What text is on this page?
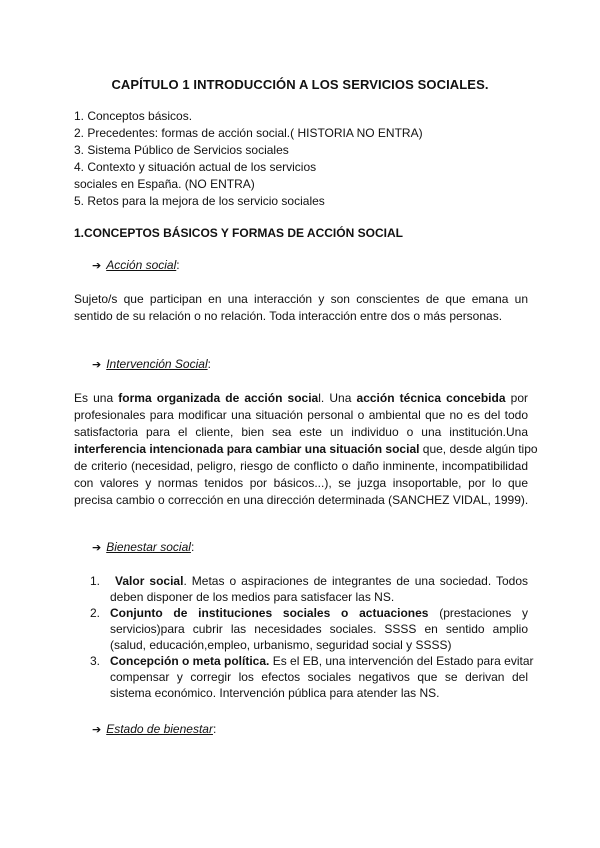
CAPÍTULO 1 INTRODUCCIÓN A LOS SERVICIOS SOCIALES.
1. Conceptos básicos.
2. Precedentes: formas de acción social.( HISTORIA NO ENTRA)
3. Sistema Público de Servicios sociales
4. Contexto y situación actual de los servicios
sociales en España. (NO ENTRA)
5. Retos para la mejora de los servicio sociales
1.CONCEPTOS BÁSICOS Y FORMAS DE ACCIÓN SOCIAL
➔ Acción social:
Sujeto/s que participan en una interacción y son conscientes de que emana un
sentido de su relación o no relación. Toda interacción entre dos o más personas.
➔ Intervención Social:
Es una forma organizada de acción social. Una acción técnica concebida por
profesionales para modificar una situación personal o ambiental que no es del todo
satisfactoria para el cliente, bien sea este un individuo o una institución.Una
interferencia intencionada para cambiar una situación social que, desde algún tipo
de criterio (necesidad, peligro, riesgo de conflicto o daño inminente, incompatibilidad
con valores y normas tenidos por básicos...), se juzga insoportable, por lo que
precisa cambio o corrección en una dirección determinada (SANCHEZ VIDAL, 1999).
➔ Bienestar social:
1.	Valor social. Metas o aspiraciones de integrantes de una sociedad. Todos
deben disponer de los medios para satisfacer las NS.
2. Conjunto de instituciones sociales o actuaciones (prestaciones y
servicios)para cubrir las necesidades sociales. SSSS en sentido amplio
(salud, educación,empleo, urbanismo, seguridad social y SSSS)
3. Concepción o meta política. Es el EB, una intervención del Estado para evitar
compensar y corregir los efectos sociales negativos que se derivan del
sistema económico. Intervención pública para atender las NS.
➔ Estado de bienestar:
